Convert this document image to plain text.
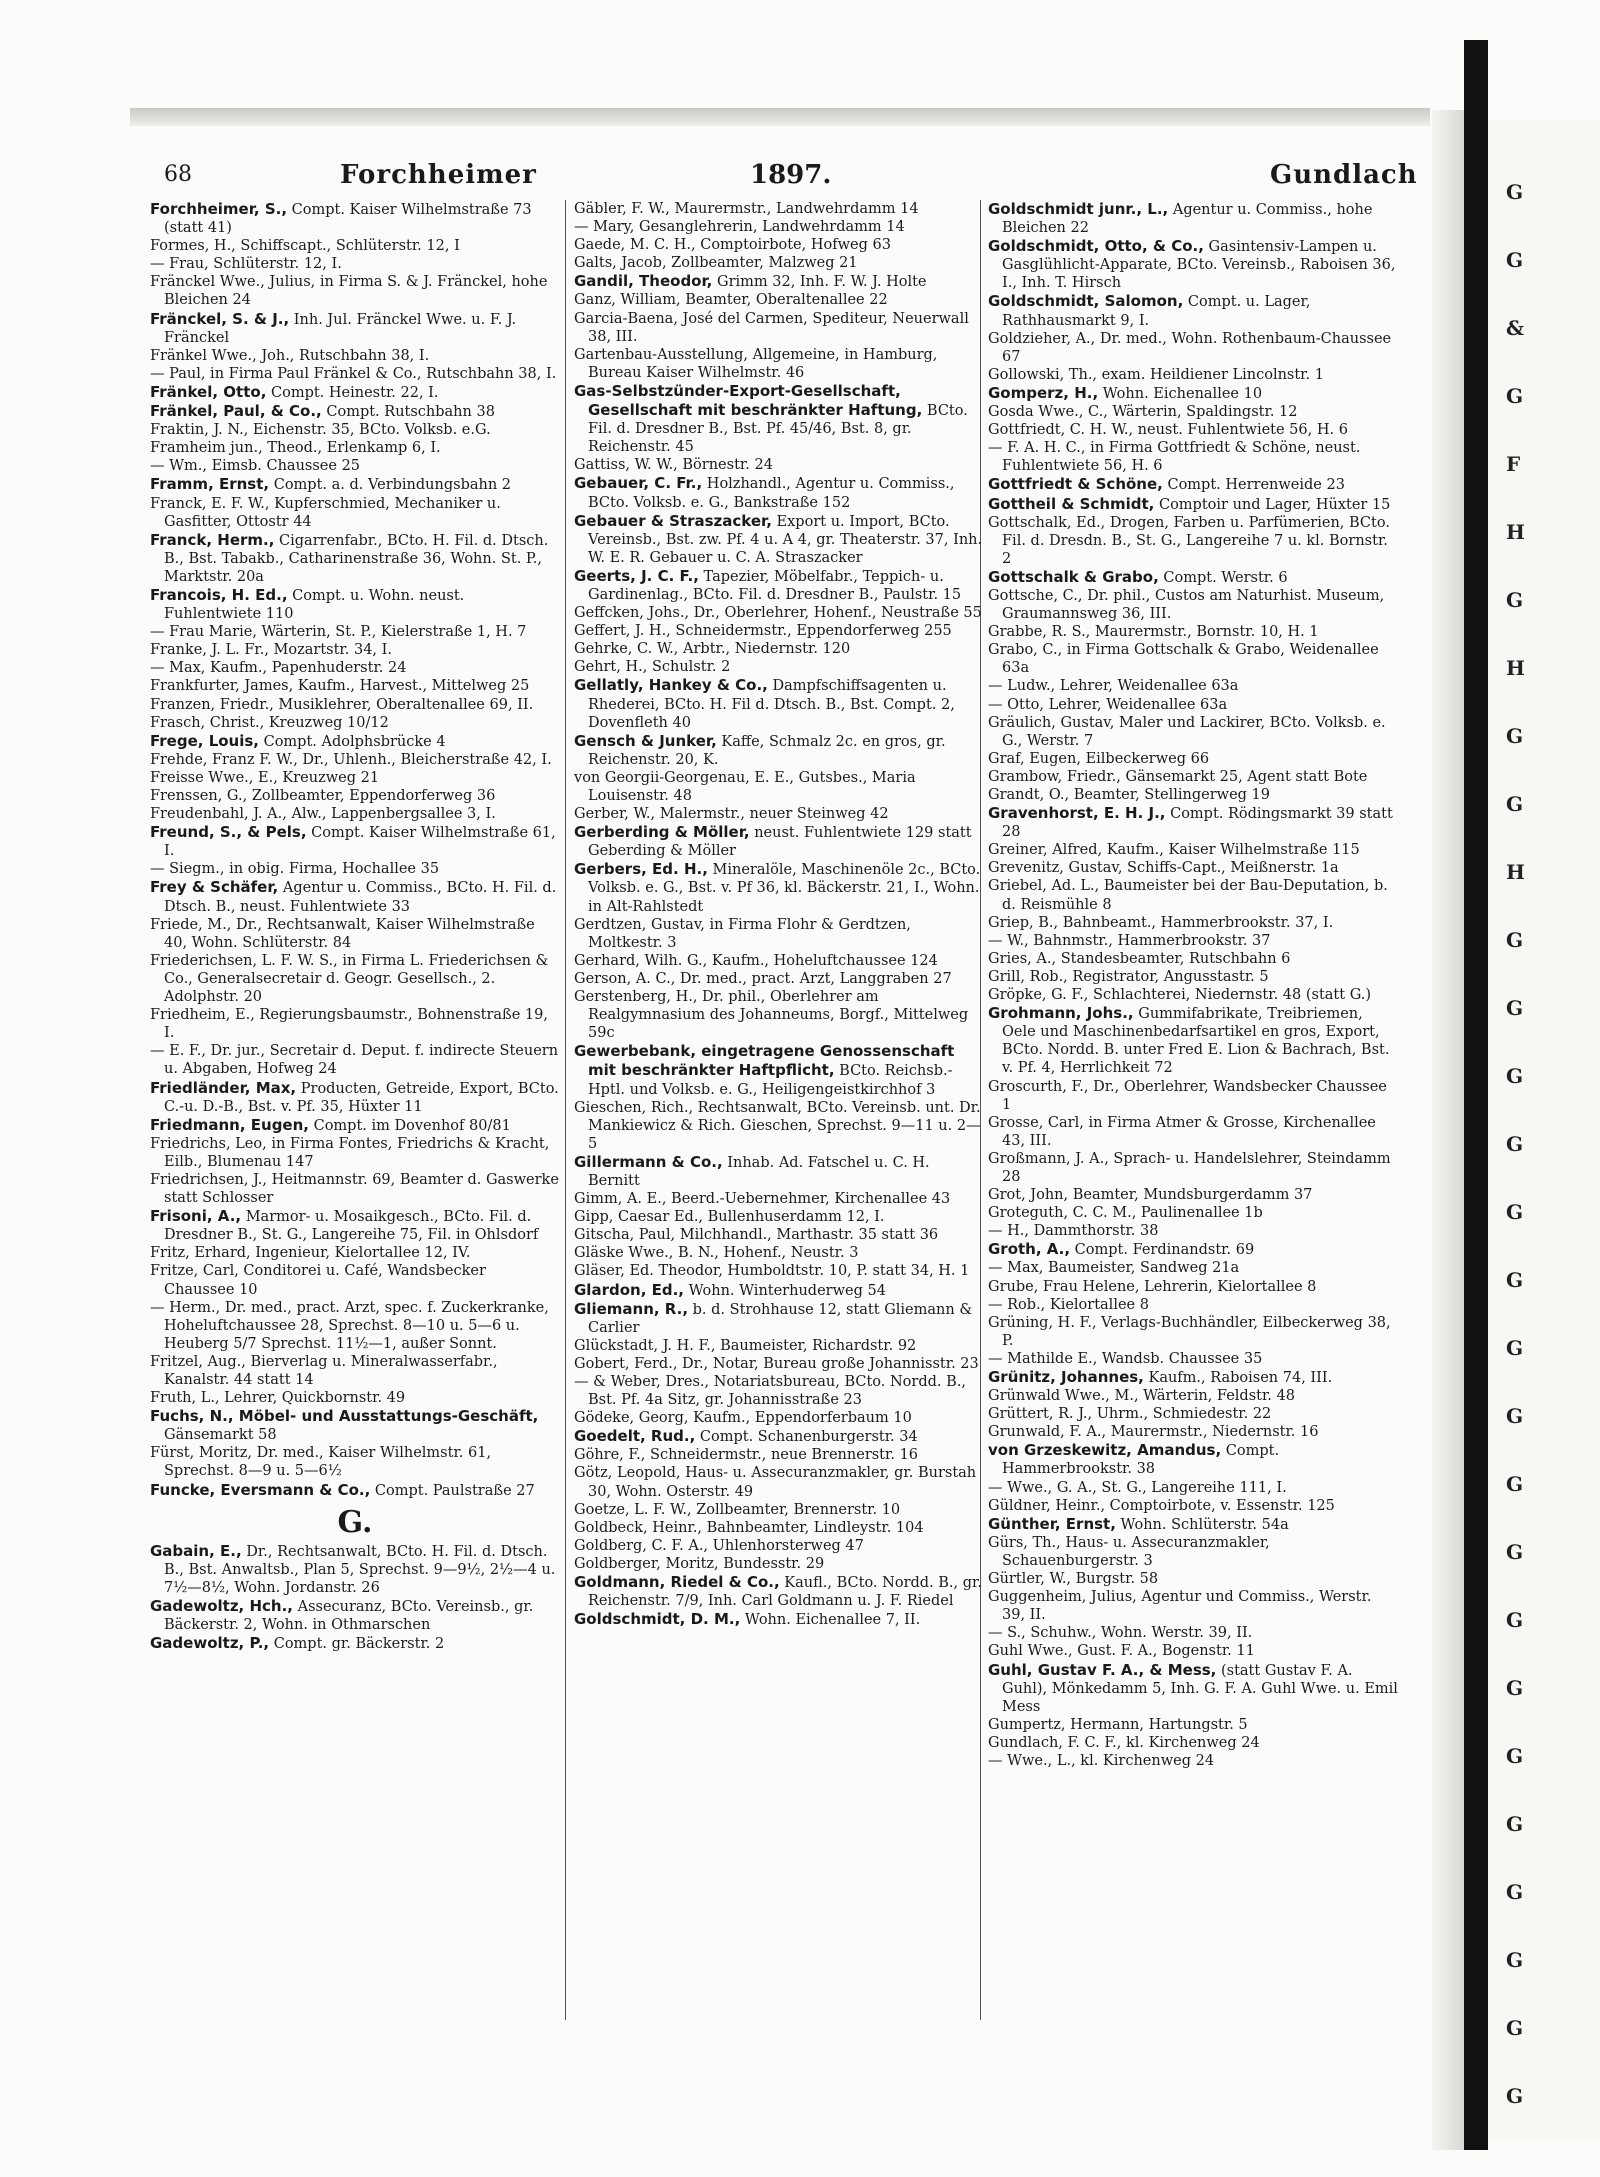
G
G
&
G
F
H
G
H
G
G
H
G
G
G
G
G
G
G
G
G
G
G
G
G
G
G
G
G
G
68	Forchheimer	1897.	Gundlach
Forchheimer, S., Compt. Kaiser Wilhelmstraße 73 (statt 41)
Formes, H., Schiffscapt., Schlüterstr. 12, I
— Frau, Schlüterstr. 12, I.
Fränckel Wwe., Julius, in Firma S. & J. Fränckel, hohe Bleichen 24
Fränckel, S. & J., Inh. Jul. Fränckel Wwe. u. F. J. Fränckel
Fränkel Wwe., Joh., Rutschbahn 38, I.
— Paul, in Firma Paul Fränkel & Co., Rutschbahn 38, I.
Fränkel, Otto, Compt. Heinestr. 22, I.
Fränkel, Paul, & Co., Compt. Rutschbahn 38
Fraktin, J. N., Eichenstr. 35, BCto. Volksb. e.G.
Framheim jun., Theod., Erlenkamp 6, I.
— Wm., Eimsb. Chaussee 25
Framm, Ernst, Compt. a. d. Verbindungsbahn 2
Franck, E. F. W., Kupferschmied, Mechaniker u. Gasfitter, Ottostr 44
Franck, Herm., Cigarrenfabr., BCto. H. Fil. d. Dtsch. B., Bst. Tabakb., Catharinenstraße 36, Wohn. St. P., Marktstr. 20a
Francois, H. Ed., Compt. u. Wohn. neust. Fuhlentwiete 110
— Frau Marie, Wärterin, St. P., Kielerstraße 1, H. 7
Franke, J. L. Fr., Mozartstr. 34, I.
— Max, Kaufm., Papenhuderstr. 24
Frankfurter, James, Kaufm., Harvest., Mittelweg 25
Franzen, Friedr., Musiklehrer, Oberaltenallee 69, II.
Frasch, Christ., Kreuzweg 10/12
Frege, Louis, Compt. Adolphsbrücke 4
Frehde, Franz F. W., Dr., Uhlenh., Bleicherstraße 42, I.
Freisse Wwe., E., Kreuzweg 21
Frenssen, G., Zollbeamter, Eppendorferweg 36
Freudenbahl, J. A., Alw., Lappenbergsallee 3, I.
Freund, S., & Pels, Compt. Kaiser Wilhelmstraße 61, I.
— Siegm., in obig. Firma, Hochallee 35
Frey & Schäfer, Agentur u. Commiss., BCto. H. Fil. d. Dtsch. B., neust. Fuhlentwiete 33
Friede, M., Dr., Rechtsanwalt, Kaiser Wilhelmstraße 40, Wohn. Schlüterstr. 84
Friederichsen, L. F. W. S., in Firma L. Friederichsen & Co., Generalsecretair d. Geogr. Gesellsch., 2. Adolphstr. 20
Friedheim, E., Regierungsbaumstr., Bohnenstraße 19, I.
— E. F., Dr. jur., Secretair d. Deput. f. indirecte Steuern u. Abgaben, Hofweg 24
Friedländer, Max, Producten, Getreide, Export, BCto. C.-u. D.-B., Bst. v. Pf. 35, Hüxter 11
Friedmann, Eugen, Compt. im Dovenhof 80/81
Friedrichs, Leo, in Firma Fontes, Friedrichs & Kracht, Eilb., Blumenau 147
Friedrichsen, J., Heitmannstr. 69, Beamter d. Gaswerke statt Schlosser
Frisoni, A., Marmor- u. Mosaikgesch., BCto. Fil. d. Dresdner B., St. G., Langereihe 75, Fil. in Ohlsdorf
Fritz, Erhard, Ingenieur, Kielortallee 12, IV.
Fritze, Carl, Conditorei u. Café, Wandsbecker Chaussee 10
— Herm., Dr. med., pract. Arzt, spec. f. Zuckerkranke, Hoheluftchaussee 28, Sprechst. 8—10 u. 5—6 u. Heuberg 5/7 Sprechst. 11½—1, außer Sonnt.
Fritzel, Aug., Bierverlag u. Mineralwasserfabr., Kanalstr. 44 statt 14
Fruth, L., Lehrer, Quickbornstr. 49
Fuchs, N., Möbel- und Ausstattungs-Geschäft, Gänsemarkt 58
Fürst, Moritz, Dr. med., Kaiser Wilhelmstr. 61, Sprechst. 8—9 u. 5—6½
Funcke, Eversmann & Co., Compt. Paulstraße 27
G.
Gabain, E., Dr., Rechtsanwalt, BCto. H. Fil. d. Dtsch. B., Bst. Anwaltsb., Plan 5, Sprechst. 9—9½, 2½—4 u. 7½—8½, Wohn. Jordanstr. 26
Gadewoltz, Hch., Assecuranz, BCto. Vereinsb., gr. Bäckerstr. 2, Wohn. in Othmarschen
Gadewoltz, P., Compt. gr. Bäckerstr. 2
Gäbler, F. W., Maurermstr., Landwehrdamm 14
— Mary, Gesanglehrerin, Landwehrdamm 14
Gaede, M. C. H., Comptoirbote, Hofweg 63
Galts, Jacob, Zollbeamter, Malzweg 21
Gandil, Theodor, Grimm 32, Inh. F. W. J. Holte
Ganz, William, Beamter, Oberaltenallee 22
Garcia-Baena, José del Carmen, Spediteur, Neuerwall 38, III.
Gartenbau-Ausstellung, Allgemeine, in Hamburg, Bureau Kaiser Wilhelmstr. 46
Gas-Selbstzünder-Export-Gesellschaft, Gesellschaft mit beschränkter Haftung, BCto. Fil. d. Dresdner B., Bst. Pf. 45/46, Bst. 8, gr. Reichenstr. 45
Gattiss, W. W., Börnestr. 24
Gebauer, C. Fr., Holzhandl., Agentur u. Commiss., BCto. Volksb. e. G., Bankstraße 152
Gebauer & Straszacker, Export u. Import, BCto. Vereinsb., Bst. zw. Pf. 4 u. A 4, gr. Theaterstr. 37, Inh. W. E. R. Gebauer u. C. A. Straszacker
Geerts, J. C. F., Tapezier, Möbelfabr., Teppich- u. Gardinenlag., BCto. Fil. d. Dresdner B., Paulstr. 15
Geffcken, Johs., Dr., Oberlehrer, Hohenf., Neustraße 55
Geffert, J. H., Schneidermstr., Eppendorferweg 255
Gehrke, C. W., Arbtr., Niedernstr. 120
Gehrt, H., Schulstr. 2
Gellatly, Hankey & Co., Dampfschiffsagenten u. Rhederei, BCto. H. Fil d. Dtsch. B., Bst. Compt. 2, Dovenfleth 40
Gensch & Junker, Kaffe, Schmalz 2c. en gros, gr. Reichenstr. 20, K.
von Georgii-Georgenau, E. E., Gutsbes., Maria Louisenstr. 48
Gerber, W., Malermstr., neuer Steinweg 42
Gerberding & Möller, neust. Fuhlentwiete 129 statt Geberding & Möller
Gerbers, Ed. H., Mineralöle, Maschinenöle 2c., BCto. Volksb. e. G., Bst. v. Pf 36, kl. Bäckerstr. 21, I., Wohn. in Alt-Rahlstedt
Gerdtzen, Gustav, in Firma Flohr & Gerdtzen, Moltkestr. 3
Gerhard, Wilh. G., Kaufm., Hoheluftchaussee 124
Gerson, A. C., Dr. med., pract. Arzt, Langgraben 27
Gerstenberg, H., Dr. phil., Oberlehrer am Realgymnasium des Johanneums, Borgf., Mittelweg 59c
Gewerbebank, eingetragene Genossenschaft mit beschränkter Haftpflicht, BCto. Reichsb.-Hptl. und Volksb. e. G., Heiligengeistkirchhof 3
Gieschen, Rich., Rechtsanwalt, BCto. Vereinsb. unt. Dr. Mankiewicz & Rich. Gieschen, Sprechst. 9—11 u. 2—5
Gillermann & Co., Inhab. Ad. Fatschel u. C. H. Bernitt
Gimm, A. E., Beerd.-Uebernehmer, Kirchenallee 43
Gipp, Caesar Ed., Bullenhuserdamm 12, I.
Gitscha, Paul, Milchhandl., Marthastr. 35 statt 36
Gläske Wwe., B. N., Hohenf., Neustr. 3
Gläser, Ed. Theodor, Humboldtstr. 10, P. statt 34, H. 1
Glardon, Ed., Wohn. Winterhuderweg 54
Gliemann, R., b. d. Strohhause 12, statt Gliemann & Carlier
Glückstadt, J. H. F., Baumeister, Richardstr. 92
Gobert, Ferd., Dr., Notar, Bureau große Johannisstr. 23
— & Weber, Dres., Notariatsbureau, BCto. Nordd. B., Bst. Pf. 4a Sitz, gr. Johannisstraße 23
Gödeke, Georg, Kaufm., Eppendorferbaum 10
Goedelt, Rud., Compt. Schanenburgerstr. 34
Göhre, F., Schneidermstr., neue Brennerstr. 16
Götz, Leopold, Haus- u. Assecuranzmakler, gr. Burstah 30, Wohn. Osterstr. 49
Goetze, L. F. W., Zollbeamter, Brennerstr. 10
Goldbeck, Heinr., Bahnbeamter, Lindleystr. 104
Goldberg, C. F. A., Uhlenhorsterweg 47
Goldberger, Moritz, Bundesstr. 29
Goldmann, Riedel & Co., Kaufl., BCto. Nordd. B., gr. Reichenstr. 7/9, Inh. Carl Goldmann u. J. F. Riedel
Goldschmidt, D. M., Wohn. Eichenallee 7, II.
Goldschmidt junr., L., Agentur u. Commiss., hohe Bleichen 22
Goldschmidt, Otto, & Co., Gasintensiv-Lampen u. Gasglühlicht-Apparate, BCto. Vereinsb., Raboisen 36, I., Inh. T. Hirsch
Goldschmidt, Salomon, Compt. u. Lager, Rathhausmarkt 9, I.
Goldzieher, A., Dr. med., Wohn. Rothenbaum-Chaussee 67
Gollowski, Th., exam. Heildiener Lincolnstr. 1
Gomperz, H., Wohn. Eichenallee 10
Gosda Wwe., C., Wärterin, Spaldingstr. 12
Gottfriedt, C. H. W., neust. Fuhlentwiete 56, H. 6
— F. A. H. C., in Firma Gottfriedt & Schöne, neust. Fuhlentwiete 56, H. 6
Gottfriedt & Schöne, Compt. Herrenweide 23
Gottheil & Schmidt, Comptoir und Lager, Hüxter 15
Gottschalk, Ed., Drogen, Farben u. Parfümerien, BCto. Fil. d. Dresdn. B., St. G., Langereihe 7 u. kl. Bornstr. 2
Gottschalk & Grabo, Compt. Werstr. 6
Gottsche, C., Dr. phil., Custos am Naturhist. Museum, Graumannsweg 36, III.
Grabbe, R. S., Maurermstr., Bornstr. 10, H. 1
Grabo, C., in Firma Gottschalk & Grabo, Weidenallee 63a
— Ludw., Lehrer, Weidenallee 63a
— Otto, Lehrer, Weidenallee 63a
Gräulich, Gustav, Maler und Lackirer, BCto. Volksb. e. G., Werstr. 7
Graf, Eugen, Eilbeckerweg 66
Grambow, Friedr., Gänsemarkt 25, Agent statt Bote
Grandt, O., Beamter, Stellingerweg 19
Gravenhorst, E. H. J., Compt. Rödingsmarkt 39 statt 28
Greiner, Alfred, Kaufm., Kaiser Wilhelmstraße 115
Grevenitz, Gustav, Schiffs-Capt., Meißnerstr. 1a
Griebel, Ad. L., Baumeister bei der Bau-Deputation, b. d. Reismühle 8
Griep, B., Bahnbeamt., Hammerbrookstr. 37, I.
— W., Bahnmstr., Hammerbrookstr. 37
Gries, A., Standesbeamter, Rutschbahn 6
Grill, Rob., Registrator, Angusstastr. 5
Gröpke, G. F., Schlachterei, Niedernstr. 48 (statt G.)
Grohmann, Johs., Gummifabrikate, Treibriemen, Oele und Maschinenbedarfsartikel en gros, Export, BCto. Nordd. B. unter Fred E. Lion & Bachrach, Bst. v. Pf. 4, Herrlichkeit 72
Groscurth, F., Dr., Oberlehrer, Wandsbecker Chaussee 1
Grosse, Carl, in Firma Atmer & Grosse, Kirchenallee 43, III.
Großmann, J. A., Sprach- u. Handelslehrer, Steindamm 28
Grot, John, Beamter, Mundsburgerdamm 37
Groteguth, C. C. M., Paulinenallee 1b
— H., Dammthorstr. 38
Groth, A., Compt. Ferdinandstr. 69
— Max, Baumeister, Sandweg 21a
Grube, Frau Helene, Lehrerin, Kielortallee 8
— Rob., Kielortallee 8
Grüning, H. F., Verlags-Buchhändler, Eilbeckerweg 38, P.
— Mathilde E., Wandsb. Chaussee 35
Grünitz, Johannes, Kaufm., Raboisen 74, III.
Grünwald Wwe., M., Wärterin, Feldstr. 48
Grüttert, R. J., Uhrm., Schmiedestr. 22
Grunwald, F. A., Maurermstr., Niedernstr. 16
von Grzeskewitz, Amandus, Compt. Hammerbrookstr. 38
— Wwe., G. A., St. G., Langereihe 111, I.
Güldner, Heinr., Comptoirbote, v. Essenstr. 125
Günther, Ernst, Wohn. Schlüterstr. 54a
Gürs, Th., Haus- u. Assecuranzmakler, Schauenburgerstr. 3
Gürtler, W., Burgstr. 58
Guggenheim, Julius, Agentur und Commiss., Werstr. 39, II.
— S., Schuhw., Wohn. Werstr. 39, II.
Guhl Wwe., Gust. F. A., Bogenstr. 11
Guhl, Gustav F. A., & Mess, (statt Gustav F. A. Guhl), Mönkedamm 5, Inh. G. F. A. Guhl Wwe. u. Emil Mess
Gumpertz, Hermann, Hartungstr. 5
Gundlach, F. C. F., kl. Kirchenweg 24
— Wwe., L., kl. Kirchenweg 24
